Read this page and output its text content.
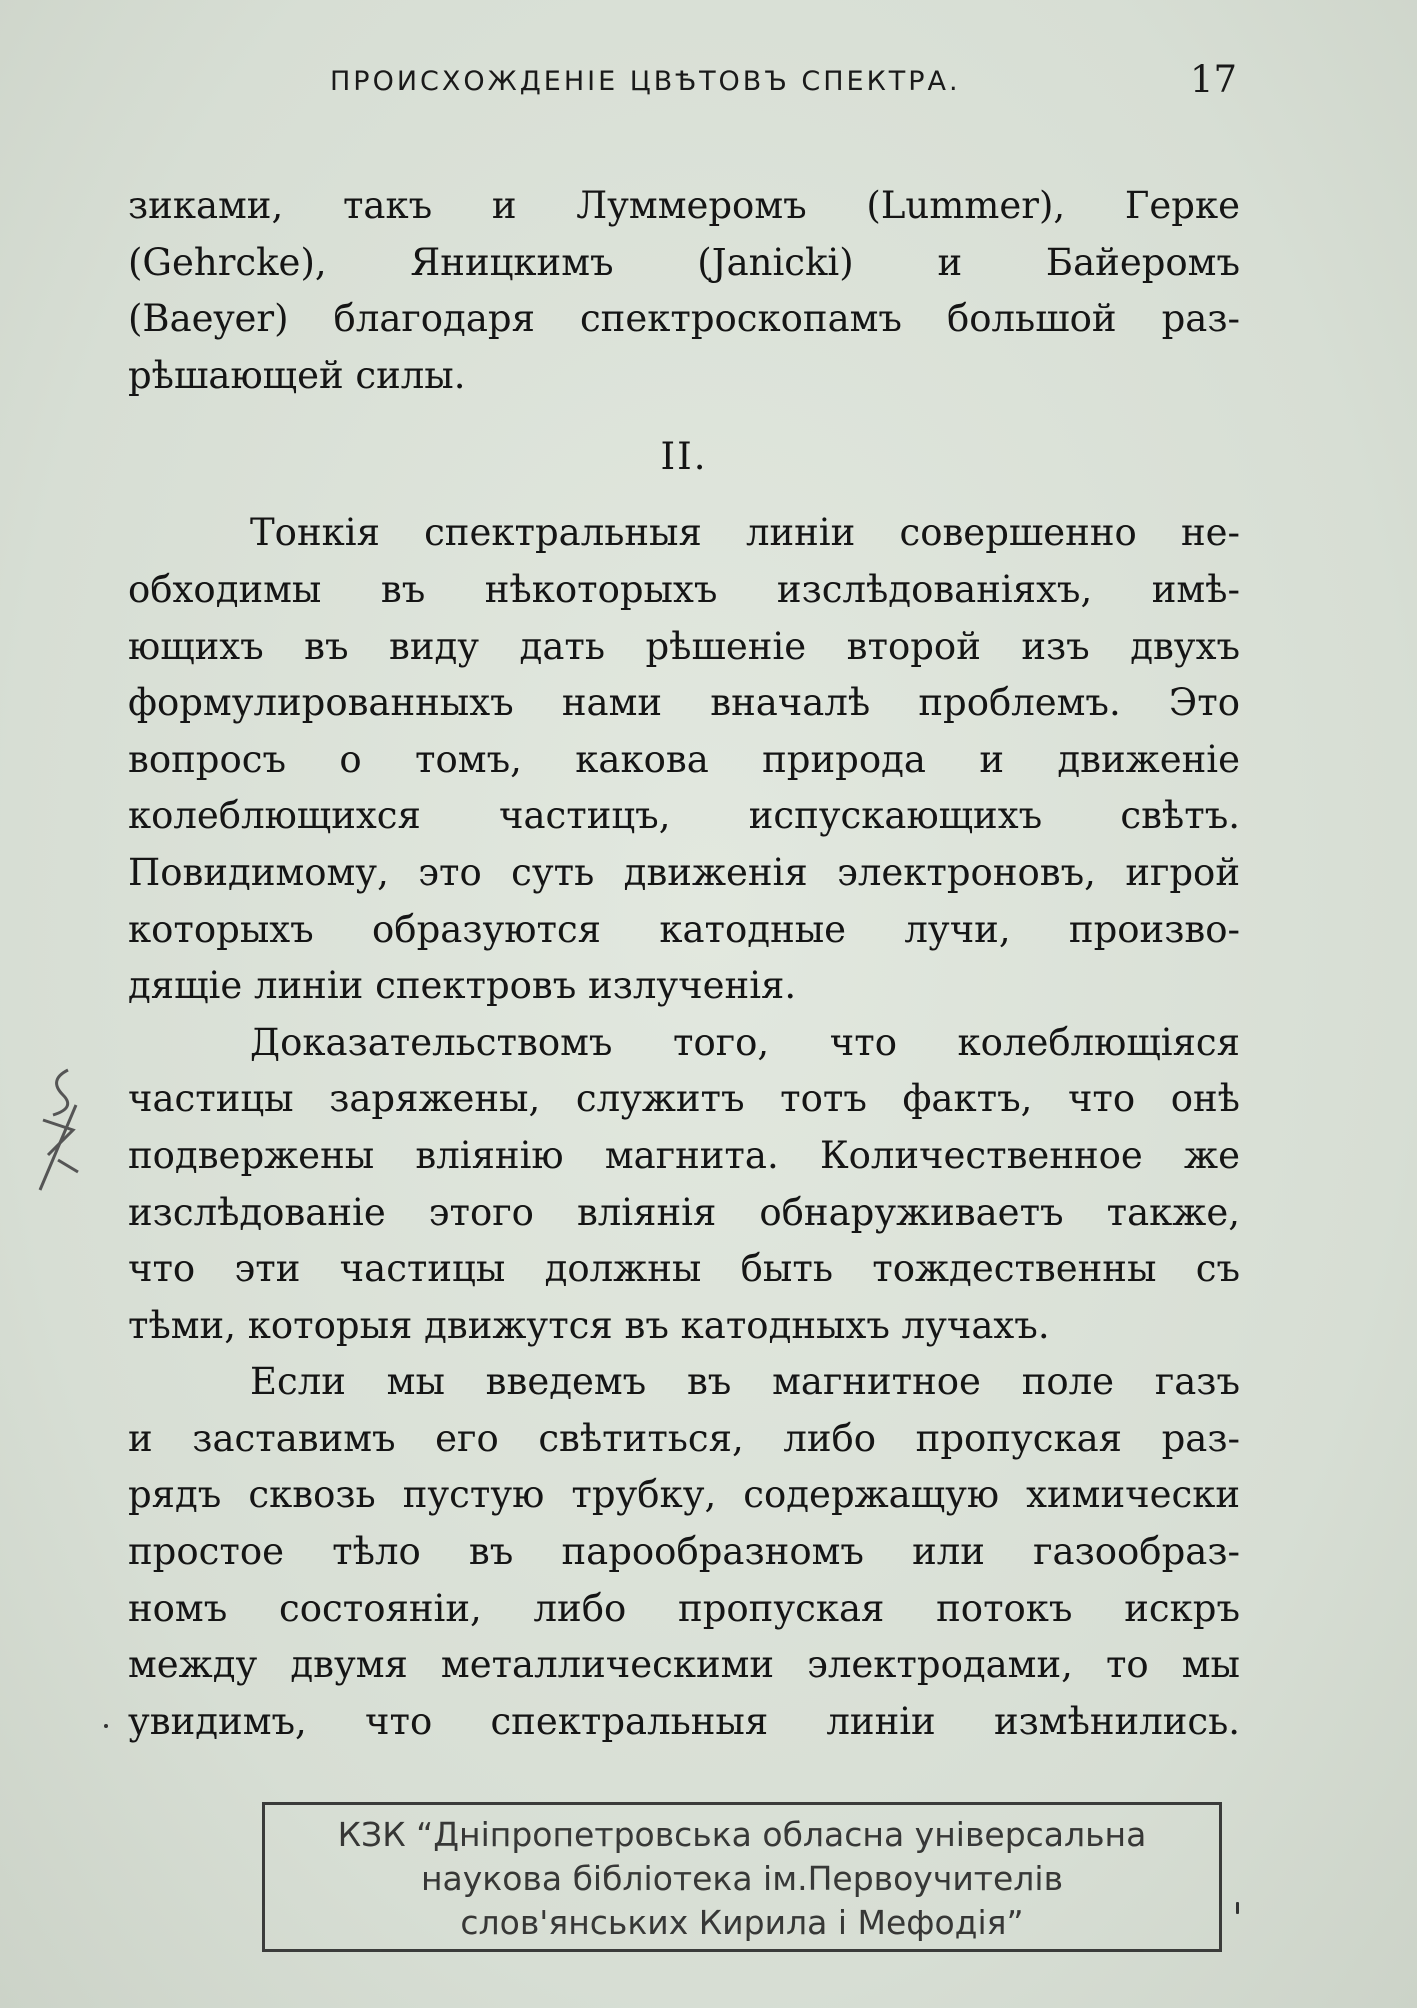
ПРОИСХОЖДЕНІЕ ЦВѢТОВЪ СПЕКТРА.	17
зиками, такъ и Луммеромъ (Lummer), Герке
(Gehrcke), Яницкимъ (Janicki) и Байеромъ
(Baeyer) благодаря спектроскопамъ большой раз-
рѣшающей силы.
II.
Тонкія спектральныя линіи совершенно не-
обходимы въ нѣкоторыхъ изслѣдованіяхъ, имѣ-
ющихъ въ виду дать рѣшеніе второй изъ двухъ
формулированныхъ нами вначалѣ проблемъ. Это
вопросъ о томъ, какова природа и движеніе
колеблющихся частицъ, испускающихъ свѣтъ.
Повидимому, это суть движенія электроновъ, игрой
которыхъ образуются катодные лучи, произво-
дящіе линіи спектровъ излученія.
Доказательствомъ того, что колеблющіяся
частицы заряжены, служитъ тотъ фактъ, что онѣ
подвержены вліянію магнита. Количественное же
изслѣдованіе этого вліянія обнаруживаетъ также,
что эти частицы должны быть тождественны съ
тѣми, которыя движутся въ катодныхъ лучахъ.
Если мы введемъ въ магнитное поле газъ
и заставимъ его свѣтиться, либо пропуская раз-
рядъ сквозь пустую трубку, содержащую химически
простое тѣло въ парообразномъ или газообраз-
номъ состояніи, либо пропуская потокъ искръ
между двумя металлическими электродами, то мы
увидимъ, что спектральныя линіи измѣнились.
КЗК “Дніпропетровська обласна універсальна
наукова бібліотека ім.Первоучителів
слов'янських Кирила і Мефодія”
